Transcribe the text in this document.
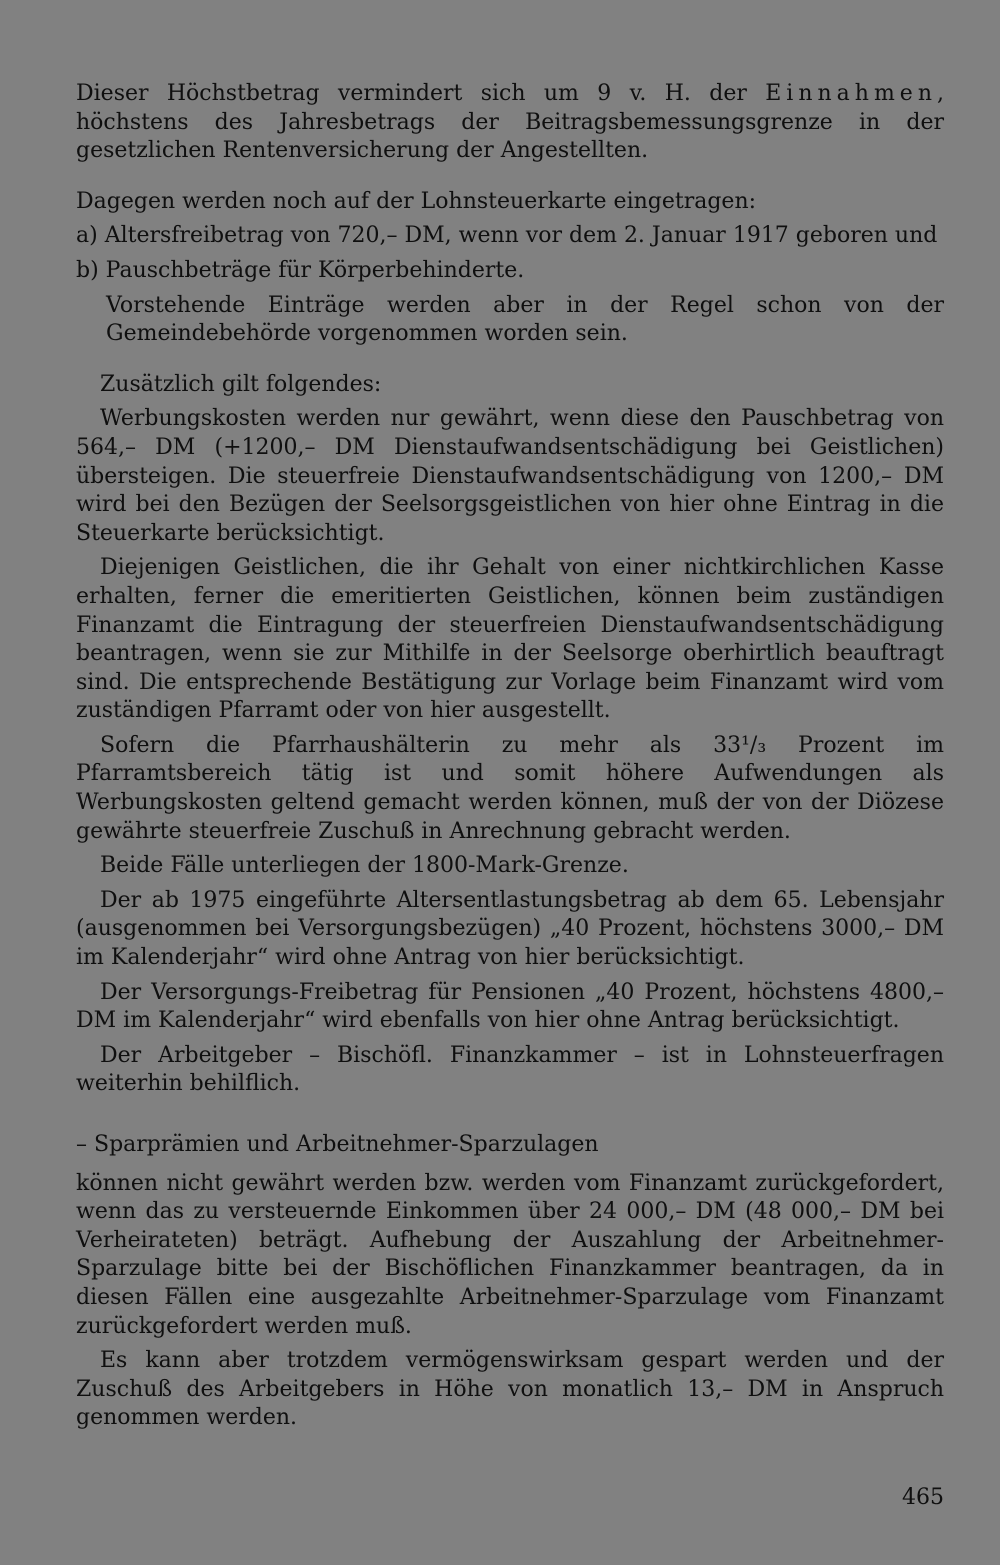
Dieser Höchstbetrag vermindert sich um 9 v. H. der Einnahmen, höchstens des Jahresbetrags der Beitragsbemessungsgrenze in der gesetzlichen Rentenversicherung der Angestellten.

Dagegen werden noch auf der Lohnsteuerkarte eingetragen:

a) Altersfreibetrag von 720,– DM, wenn vor dem 2. Januar 1917 geboren und

b) Pauschbeträge für Körperbehinderte.

Vorstehende Einträge werden aber in der Regel schon von der Gemeindebehörde vorgenommen worden sein.

Zusätzlich gilt folgendes:

Werbungskosten werden nur gewährt, wenn diese den Pauschbetrag von 564,– DM (+1200,– DM Dienstaufwandsentschädigung bei Geistlichen) übersteigen. Die steuerfreie Dienstaufwandsentschädigung von 1200,– DM wird bei den Bezügen der Seelsorgsgeistlichen von hier ohne Eintrag in die Steuerkarte berücksichtigt.

Diejenigen Geistlichen, die ihr Gehalt von einer nichtkirchlichen Kasse erhalten, ferner die emeritierten Geistlichen, können beim zuständigen Finanzamt die Eintragung der steuerfreien Dienstaufwandsentschädigung beantragen, wenn sie zur Mithilfe in der Seelsorge oberhirtlich beauftragt sind. Die entsprechende Bestätigung zur Vorlage beim Finanzamt wird vom zuständigen Pfarramt oder von hier ausgestellt.

Sofern die Pfarrhaushälterin zu mehr als 33¹/₃ Prozent im Pfarramtsbereich tätig ist und somit höhere Aufwendungen als Werbungskosten geltend gemacht werden können, muß der von der Diözese gewährte steuerfreie Zuschuß in Anrechnung gebracht werden.

Beide Fälle unterliegen der 1800-Mark-Grenze.

Der ab 1975 eingeführte Altersentlastungsbetrag ab dem 65. Lebensjahr (ausgenommen bei Versorgungsbezügen) „40 Prozent, höchstens 3000,– DM im Kalenderjahr“ wird ohne Antrag von hier berücksichtigt.

Der Versorgungs-Freibetrag für Pensionen „40 Prozent, höchstens 4800,– DM im Kalenderjahr“ wird ebenfalls von hier ohne Antrag berücksichtigt.

Der Arbeitgeber – Bischöfl. Finanzkammer – ist in Lohnsteuerfragen weiterhin behilflich.

– Sparprämien und Arbeitnehmer-Sparzulagen

können nicht gewährt werden bzw. werden vom Finanzamt zurückgefordert, wenn das zu versteuernde Einkommen über 24 000,– DM (48 000,– DM bei Verheirateten) beträgt. Aufhebung der Auszahlung der Arbeitnehmer-Sparzulage bitte bei der Bischöflichen Finanzkammer beantragen, da in diesen Fällen eine ausgezahlte Arbeitnehmer-Sparzulage vom Finanzamt zurückgefordert werden muß.

Es kann aber trotzdem vermögenswirksam gespart werden und der Zuschuß des Arbeitgebers in Höhe von monatlich 13,– DM in Anspruch genommen werden.

465
